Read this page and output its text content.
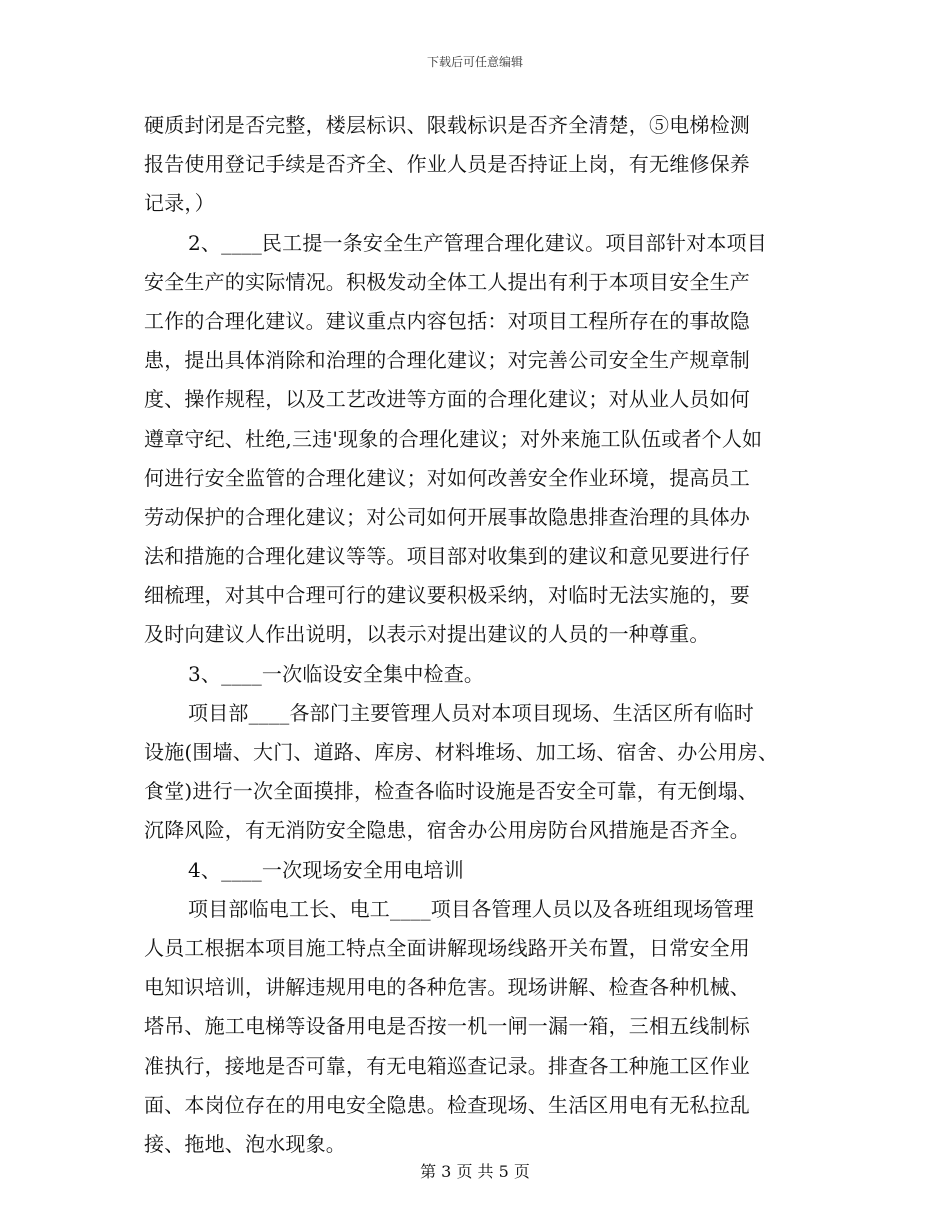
下载后可任意编辑
硬质封闭是否完整，楼层标识、限载标识是否齐全清楚，⑤电梯检测
报告使用登记手续是否齐全、作业人员是否持证上岗，有无维修保养
记录，）
2、____民工提一条安全生产管理合理化建议。项目部针对本项目
安全生产的实际情况。积极发动全体工人提出有利于本项目安全生产
工作的合理化建议。建议重点内容包括：对项目工程所存在的事故隐
患，提出具体消除和治理的合理化建议；对完善公司安全生产规章制
度、操作规程，以及工艺改进等方面的合理化建议；对从业人员如何
遵章守纪、杜绝,三违'现象的合理化建议；对外来施工队伍或者个人如
何进行安全监管的合理化建议；对如何改善安全作业环境，提高员工
劳动保护的合理化建议；对公司如何开展事故隐患排查治理的具体办
法和措施的合理化建议等等。项目部对收集到的建议和意见要进行仔
细梳理，对其中合理可行的建议要积极采纳，对临时无法实施的，要
及时向建议人作出说明，以表示对提出建议的人员的一种尊重。
3、____一次临设安全集中检查。
项目部____各部门主要管理人员对本项目现场、生活区所有临时
设施(围墙、大门、道路、库房、材料堆场、加工场、宿舍、办公用房、
食堂)进行一次全面摸排，检查各临时设施是否安全可靠，有无倒塌、
沉降风险，有无消防安全隐患，宿舍办公用房防台风措施是否齐全。
4、____一次现场安全用电培训
项目部临电工长、电工____项目各管理人员以及各班组现场管理
人员工根据本项目施工特点全面讲解现场线路开关布置，日常安全用
电知识培训，讲解违规用电的各种危害。现场讲解、检查各种机械、
塔吊、施工电梯等设备用电是否按一机一闸一漏一箱，三相五线制标
准执行，接地是否可靠，有无电箱巡查记录。排查各工种施工区作业
面、本岗位存在的用电安全隐患。检查现场、生活区用电有无私拉乱
接、拖地、泡水现象。
第 3 页 共 5 页
